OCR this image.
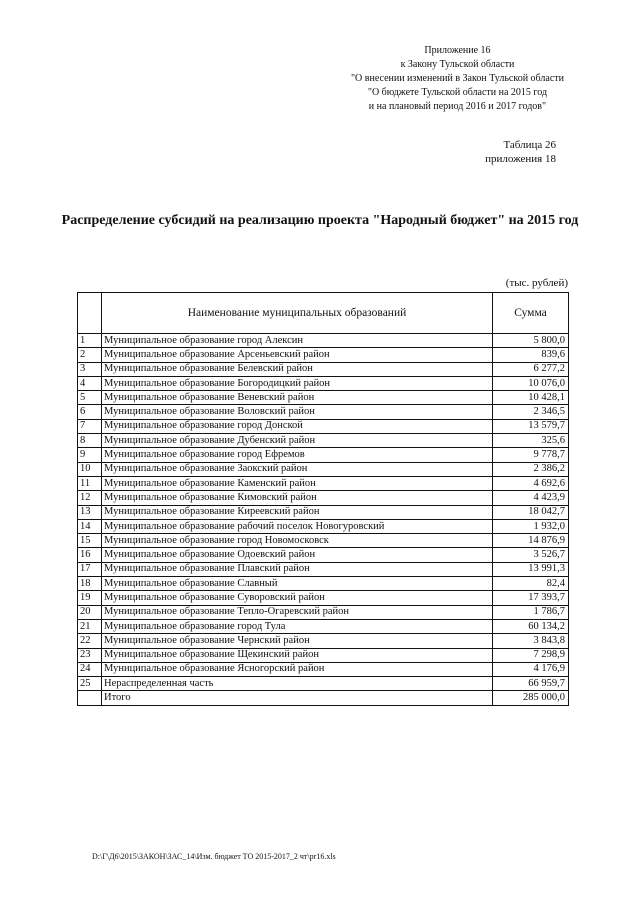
Приложение 16
к Закону Тульской области
"О внесении изменений в Закон Тульской области
"О бюджете Тульской области на 2015 год
и на плановый период 2016 и 2017 годов"
Таблица 26
приложения 18
Распределение субсидий на реализацию проекта "Народный бюджет" на 2015 год
(тыс. рублей)
	Наименование муниципальных образований	Сумма
1	Муниципальное образование город Алексин	5 800,0
2	Муниципальное образование Арсеньевский район	839,6
3	Муниципальное образование Белевский район	6 277,2
4	Муниципальное образование Богородицкий район	10 076,0
5	Муниципальное образование Веневский район	10 428,1
6	Муниципальное образование Воловский район	2 346,5
7	Муниципальное образование город Донской	13 579,7
8	Муниципальное образование Дубенский район	325,6
9	Муниципальное образование город Ефремов	9 778,7
10	Муниципальное образование Заокский район	2 386,2
11	Муниципальное образование Каменский район	4 692,6
12	Муниципальное образование Кимовский район	4 423,9
13	Муниципальное образование Киреевский район	18 042,7
14	Муниципальное образование рабочий поселок Новогуровский	1 932,0
15	Муниципальное образование город Новомосковск	14 876,9
16	Муниципальное образование Одоевский район	3 526,7
17	Муниципальное образование Плавский район	13 991,3
18	Муниципальное образование Славный	82,4
19	Муниципальное образование Суворовский район	17 393,7
20	Муниципальное образование Тепло-Огаревский район	1 786,7
21	Муниципальное образование город Тула	60 134,2
22	Муниципальное образование Чернский район	3 843,8
23	Муниципальное образование Щекинский район	7 298,9
24	Муниципальное образование Ясногорский район	4 176,9
25	Нераспределенная часть	66 959,7
	Итого	285 000,0
D:\Г\Д6\2015\ЗАКОН\ЗАС_14\Изм. бюджет ТО 2015-2017_2 чт\pr16.xls
